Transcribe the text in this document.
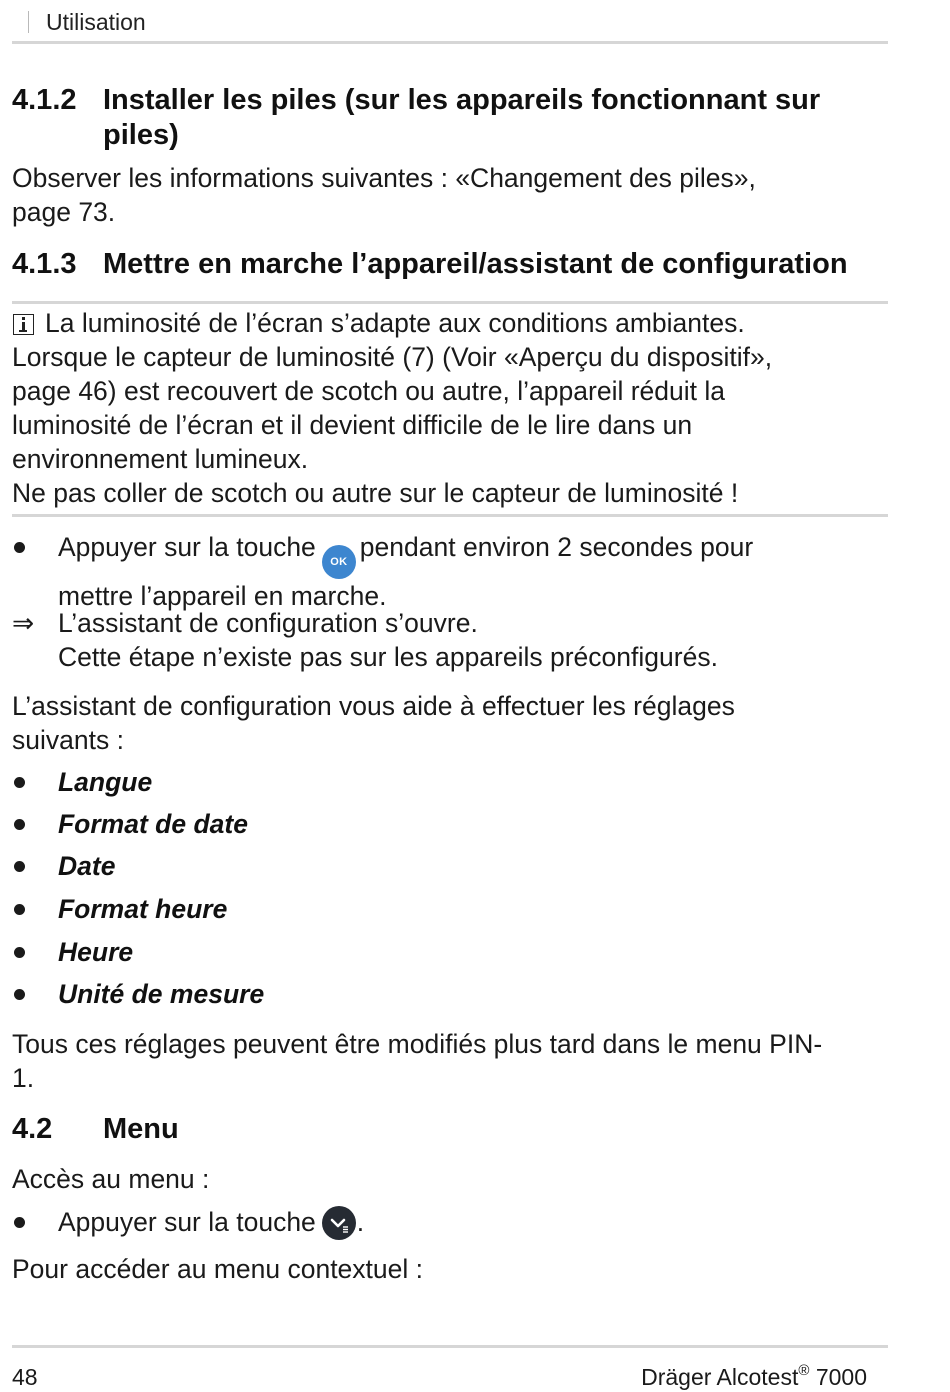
Utilisation
4.1.2 Installer les piles (sur les appareils fonctionnant sur
piles)
Observer les informations suivantes : «Changement des piles»,
page 73.
4.1.3 Mettre en marche l’appareil/assistant de configuration
La luminosité de l’écran s’adapte aux conditions ambiantes.
Lorsque le capteur de luminosité (7) (Voir «Aperçu du dispositif»,
page 46) est recouvert de scotch ou autre, l’appareil réduit la
luminosité de l’écran et il devient difficile de le lire dans un
environnement lumineux.
Ne pas coller de scotch ou autre sur le capteur de luminosité !
Appuyer sur la touche OK pendant environ 2 secondes pour
mettre l’appareil en marche.
⇒ L’assistant de configuration s’ouvre.
Cette étape n’existe pas sur les appareils préconfigurés.
L’assistant de configuration vous aide à effectuer les réglages
suivants :
Langue
Format de date
Date
Format heure
Heure
Unité de mesure
Tous ces réglages peuvent être modifiés plus tard dans le menu PIN-
1.
4.2 Menu
Accès au menu :
Appuyer sur la touche .
Pour accéder au menu contextuel :
48	Dräger Alcotest® 7000
